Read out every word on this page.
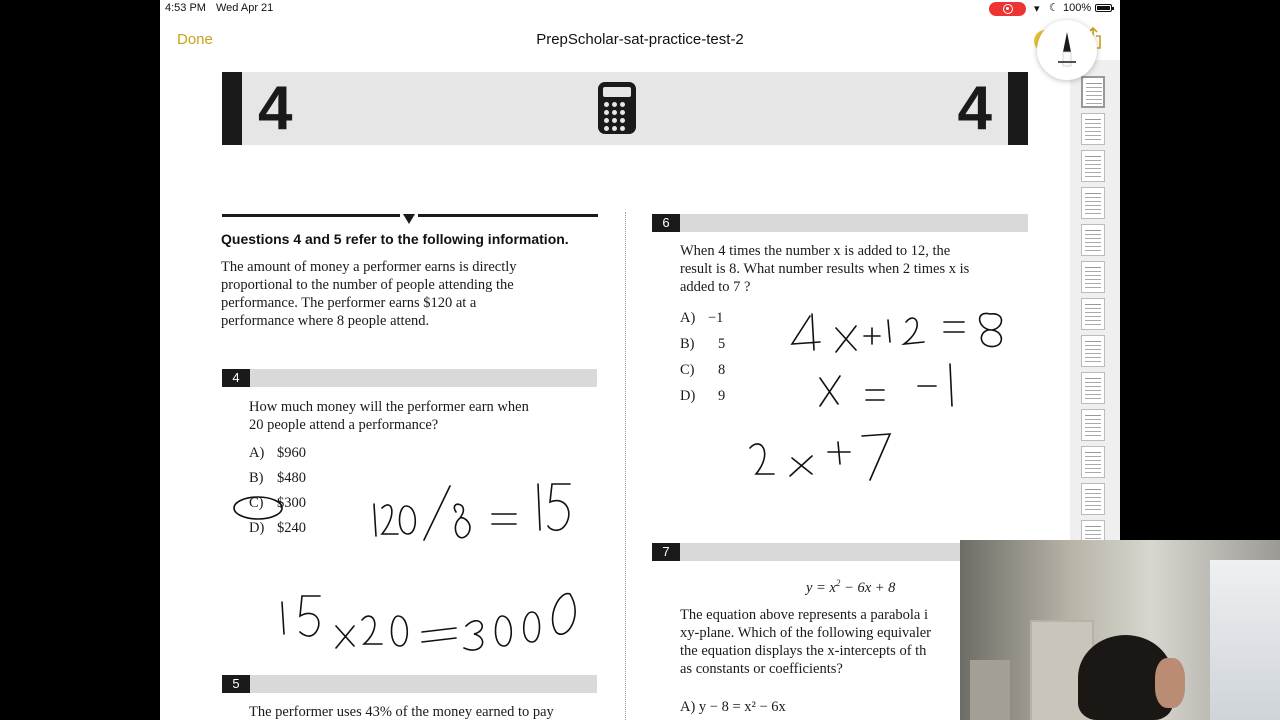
4:53 PM Wed Apr 21	▾ ☾ 100%
Done	PrepScholar-sat-practice-test-2
4	4
Questions 4 and 5 refer to the following information.
The amount of money a performer earns is directly
proportional to the number of people attending the
performance. The performer earns $120 at a
performance where 8 people attend.
4
How much money will the performer earn when
20 people attend a performance?
A) $960
B) $480
C) $300
D) $240
5
The performer uses 43% of the money earned to pay
6
When 4 times the number x is added to 12, the
result is 8. What number results when 2 times x is
added to 7 ?
A) −1
B) 5
C) 8
D) 9
7
$y = x^2 - 6x + 8$
The equation above represents a parabola i
xy-plane. Which of the following equivaler
the equation displays the x-intercepts of th
as constants or coefficients?
A) y − 8 = x² − 6x
